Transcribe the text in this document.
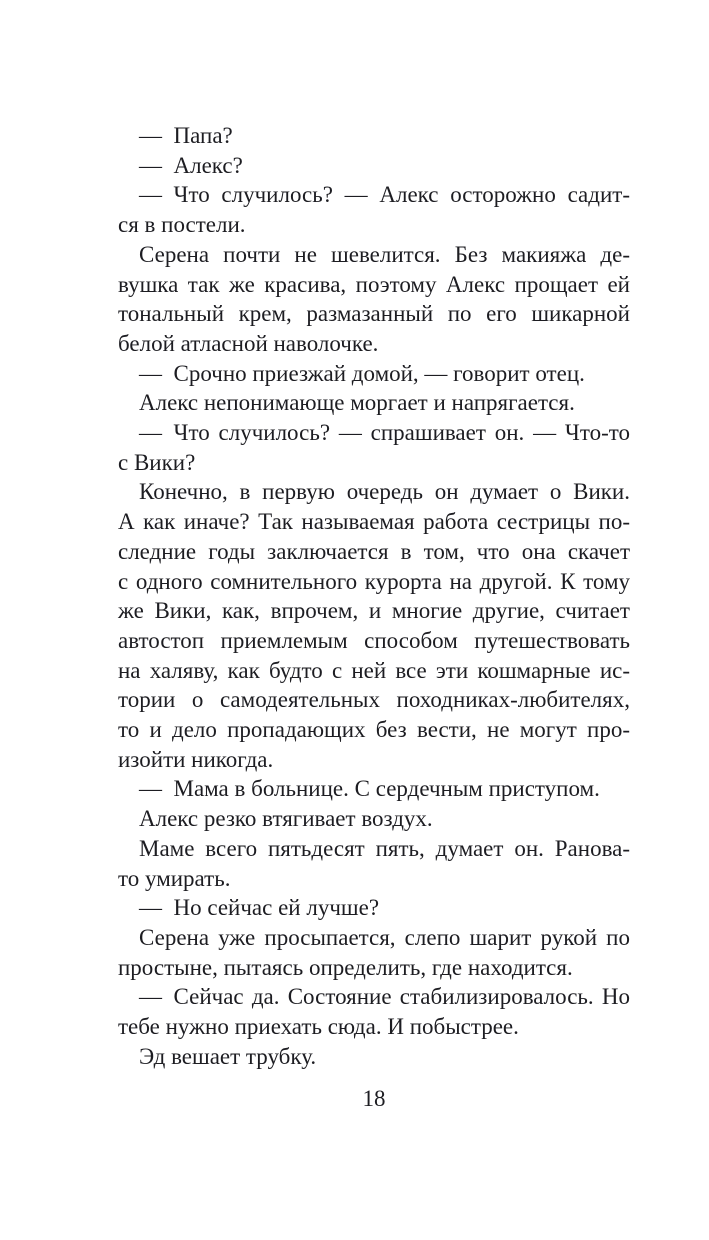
— Папа?
— Алекс?
— Что случилось? — Алекс осторожно садит-
ся в постели.
Серена почти не шевелится. Без макияжа де-
вушка так же красива, поэтому Алекс прощает ей
тональный крем, размазанный по его шикарной
белой атласной наволочке.
— Срочно приезжай домой, — говорит отец.
Алекс непонимающе моргает и напрягается.
— Что случилось? — спрашивает он. — Что-то
с Вики?
Конечно, в первую очередь он думает о Вики.
А как иначе? Так называемая работа сестрицы по-
следние годы заключается в том, что она скачет
с одного сомнительного курорта на другой. К тому
же Вики, как, впрочем, и многие другие, считает
автостоп приемлемым способом путешествовать
на халяву, как будто с ней все эти кошмарные ис-
тории о самодеятельных походниках-любителях,
то и дело пропадающих без вести, не могут про-
изойти никогда.
— Мама в больнице. С сердечным приступом.
Алекс резко втягивает воздух.
Маме всего пятьдесят пять, думает он. Ранова-
то умирать.
— Но сейчас ей лучше?
Серена уже просыпается, слепо шарит рукой по
простыне, пытаясь определить, где находится.
— Сейчас да. Состояние стабилизировалось. Но
тебе нужно приехать сюда. И побыстрее.
Эд вешает трубку.
18
